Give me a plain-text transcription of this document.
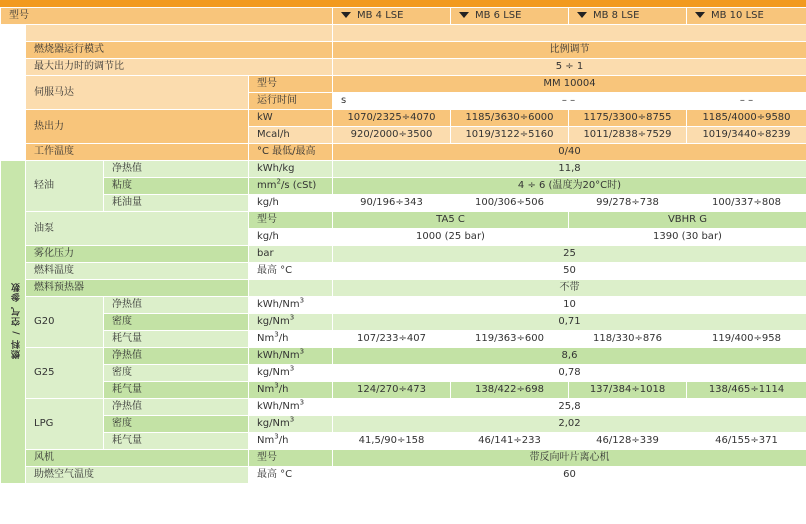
型号				MB 4 LSE	MB 6 LSE	MB 8 LSE	MB 10 LSE

	燃烧器运行模式			比例调节			
	最大出力时的调节比			5 ÷ 1			
	伺服马达		型号	MM 10004			
			运行时间	s	– –		– –
	热出力		kW	1070/2325÷4070	1185/3630÷6000	1175/3300÷8755	1185/4000÷9580
			Mcal/h	920/2000÷3500	1019/3122÷5160	1011/2838÷7529	1019/3440÷8239
	工作温度		°C 最低/最高	0/40			
燃料 / 空气 参数	轻油	净热值	kWh/kg	11,8			
		粘度	$mm^2/s$ (cSt)	4 ÷ 6 (温度为20°C时)			
		耗油量	kg/h	90/196÷343	100/306÷506	99/278÷738	100/337÷808
	油泵		型号	TA5 C		VBHR G	
			kg/h	1000 (25 bar)		1390 (30 bar)	
	雾化压力		bar	25			
	燃料温度		最高 °C	50			
	燃料预热器			不带			
	G20	净热值	kWh/Nm$^3$	10			
		密度	kg/Nm$^3$	0,71			
		耗气量	Nm$^3$/h	107/233÷407	119/363÷600	118/330÷876	119/400÷958
	G25	净热值	kWh/Nm$^3$	8,6			
		密度	kg/Nm$^3$	0,78			
		耗气量	Nm$^3$/h	124/270÷473	138/422÷698	137/384÷1018	138/465÷1114
	LPG	净热值	kWh/Nm$^3$	25,8			
		密度	kg/Nm$^3$	2,02			
		耗气量	Nm$^3$/h	41,5/90÷158	46/141÷233	46/128÷339	46/155÷371
	风机		型号	带反向叶片离心机			
	助燃空气温度		最高 °C	60			
